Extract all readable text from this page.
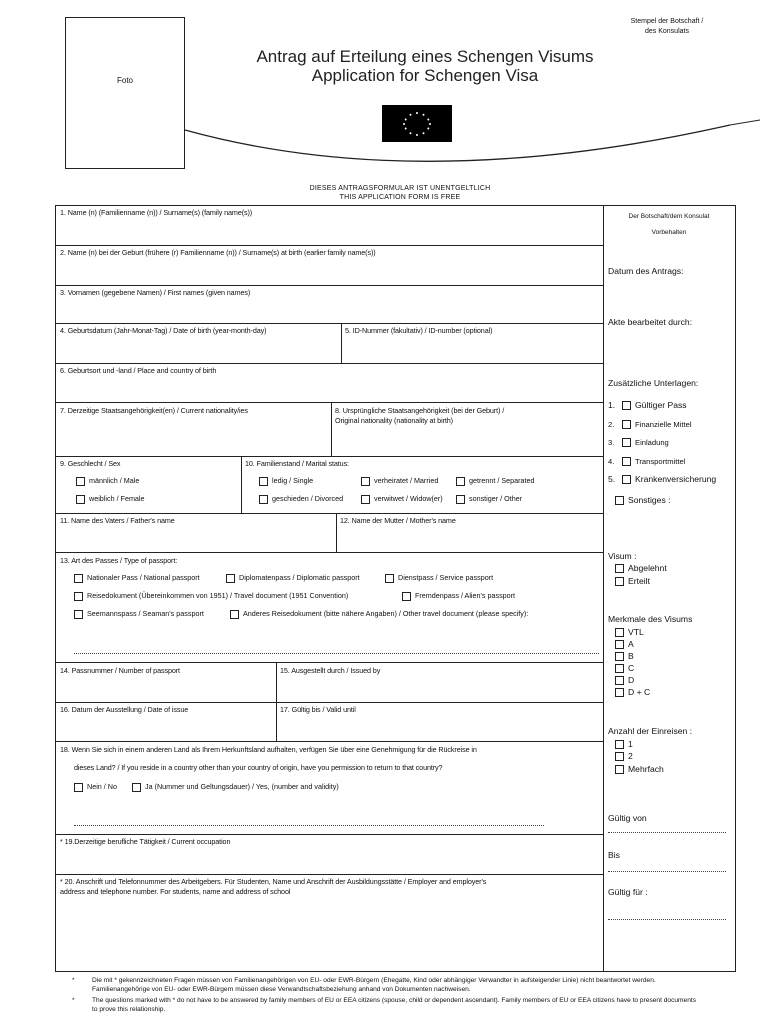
Foto
Stempel der Botschaft /
des Konsulats
Antrag auf Erteilung eines Schengen Visums
Application for Schengen Visa
DIESES ANTRAGSFORMULAR IST UNENTGELTLICH
THIS APPLICATION FORM IS FREE
1. Name (n) (Familienname (n)) / Surname(s) (family name(s))
2. Name (n) bei der Geburt (frühere (r) Familienname (n)) / Surname(s) at birth (earlier family name(s))
3. Vornamen (gegebene Namen) / First names (given names)
4. Geburtsdatum (Jahr-Monat-Tag) / Date of birth (year-month-day)	5. ID-Nummer (fakultativ) / ID-number (optional)
6. Geburtsort und -land / Place and country of birth
7. Derzeitige Staatsangehörigkeit(en) / Current nationality/ies	8. Ursprüngliche Staatsangehörigkeit (bei der Geburt) /
Original nationality (nationality at birth)
9. Geschlecht / Sex
männlich / Male
weiblich / Female
10. Familienstand / Marital status:
ledig / Single	verheiratet / Married	getrennt / Separated
geschieden / Divorced	verwitwet / Widow(er)	sonstiger / Other
11. Name des Vaters / Father's name	12. Name der Mutter / Mother's name
13. Art des Passes / Type of passport:
Nationaler Pass / National passport	Diplomatenpass / Diplomatic passport	Dienstpass / Service passport
Reisedokument (Übereinkommen von 1951) / Travel document (1951 Convention)	Fremdenpass / Alien's passport
Seemannspass / Seaman's passport	Anderes Reisedokument (bitte nähere Angaben) / Other travel document (please specify):
14. Passnummer / Number of passport	15. Ausgestellt durch / Issued by
16. Datum der Ausstellung / Date of issue	17. Gültig bis / Valid until
18. Wenn Sie sich in einem anderen Land als Ihrem Herkunftsland aufhalten, verfügen Sie über eine Genehmigung für die Rückreise in
dieses Land? / If you reside in a country other than your country of origin, have you permission to return to that country?
Nein / No	Ja (Nummer und Geltungsdauer) / Yes, (number and validity)
* 19.Derzeitige berufliche Tätigkeit / Current occupation
* 20. Anschrift und Telefonnummer des Arbeitgebers. Für Studenten, Name und Anschrift der Ausbildungsstätte / Employer and employer's
address and telephone number. For students, name and address of school
Der Botschaft/dem Konsulat
Vorbehalten
Datum des Antrags:
Akte bearbeitet durch:
Zusätzliche Unterlagen:
1.	Gültiger Pass
2.	Finanzielle Mittel
3.	Einladung
4.	Transportmittel
5.	Krankenversicherung
Sonstiges :
Visum :
Abgelehnt
Erteilt
Merkmale des Visums
VTL
A
B
C
D
D + C
Anzahl der Einreisen :
1
2
Mehrfach
Gültig von
Bis
Gültig für :
*	Die mit * gekennzeichneten Fragen müssen von Familienangehörigen von EU- oder EWR-Bürgern (Ehegatte, Kind oder abhängiger Verwandter in aufsteigender Linie) nicht beantwortet werden. Familienangehörige von EU- oder EWR-Bürgern müssen diese Verwandtschaftsbeziehung anhand von Dokumenten nachweisen.
*	The questions marked with * do not have to be answered by family members of EU or EEA citizens (spouse, child or dependent ascendant). Family members of EU or EEA citizens have to present documents to prove this relationship.
